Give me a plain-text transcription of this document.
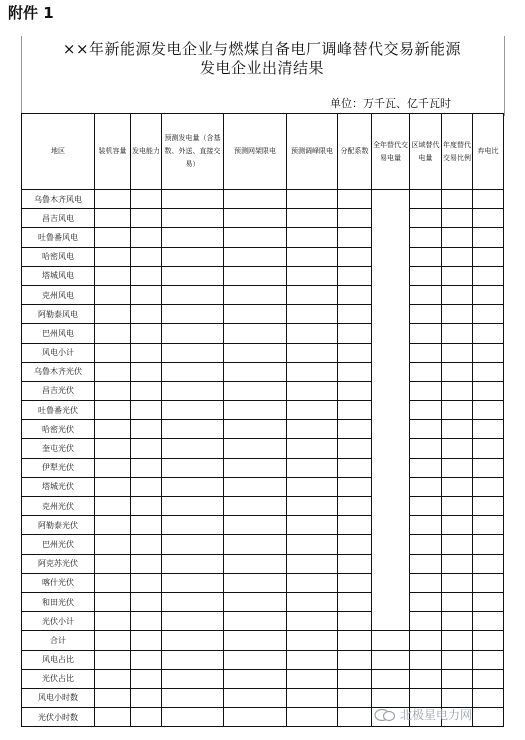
附件 1
××年新能源发电企业与燃煤自备电厂调峰替代交易新能源
发电企业出清结果
单位：万千瓦、亿千瓦时
地区	装机容量	发电能力	预测发电量（含基数、外送、直接交易）	预测网架限电	预测调峰限电	分配系数	全年替代交易电量	区域替代电量	年度替代交易比例	弃电比
乌鲁木齐风电										
昌吉风电										
吐鲁番风电										
哈密风电										
塔城风电										
克州风电										
阿勒泰风电										
巴州风电										
风电小计										
乌鲁木齐光伏										
昌吉光伏										
吐鲁番光伏										
哈密光伏										
奎屯光伏										
伊犁光伏										
塔城光伏										
克州光伏										
阿勒泰光伏										
巴州光伏										
阿克苏光伏										
喀什光伏										
和田光伏										
光伏小计										
合计										
风电占比										
光伏占比										
风电小时数										
光伏小时数											北极星电力网
